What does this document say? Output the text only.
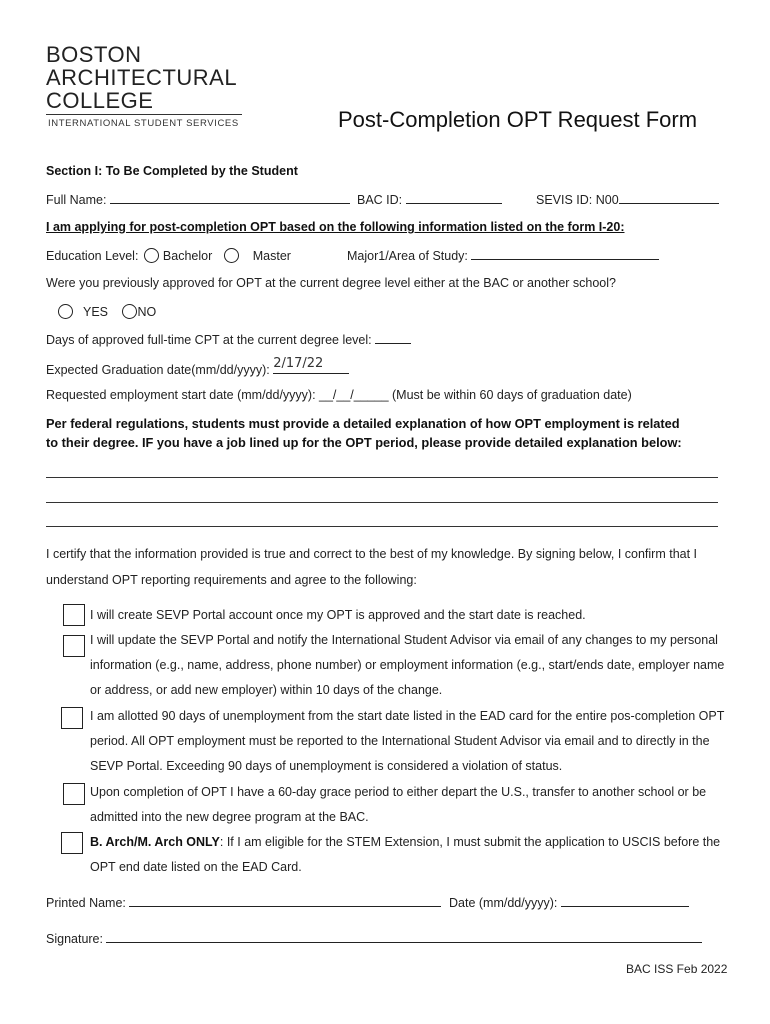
BOSTON
ARCHITECTURAL
COLLEGE
INTERNATIONAL STUDENT SERVICES	Post-Completion OPT Request Form
Section I: To Be Completed by the Student
Full Name:	BAC ID:	SEVIS ID: N00
I am applying for post-completion OPT based on the following information listed on the form I-20:
Education Level: Bachelor	Master	Major1/Area of Study:
Were you previously approved for OPT at the current degree level either at the BAC or another school?
YES NO
Days of approved full-time CPT at the current degree level:
Expected Graduation date(mm/dd/yyyy): 2/17/22
Requested employment start date (mm/dd/yyyy): __/__/_____ (Must be within 60 days of graduation date)
Per federal regulations, students must provide a detailed explanation of how OPT employment is related
to their degree. IF you have a job lined up for the OPT period, please provide detailed explanation below:
I certify that the information provided is true and correct to the best of my knowledge. By signing below, I confirm that I
understand OPT reporting requirements and agree to the following:
I will create SEVP Portal account once my OPT is approved and the start date is reached.
I will update the SEVP Portal and notify the International Student Advisor via email of any changes to my personal information (e.g., name, address, phone number) or employment information (e.g., start/ends date, employer name or address, or add new employer) within 10 days of the change.
I am allotted 90 days of unemployment from the start date listed in the EAD card for the entire pos-completion OPT period. All OPT employment must be reported to the International Student Advisor via email and to directly in the SEVP Portal. Exceeding 90 days of unemployment is considered a violation of status.
Upon completion of OPT I have a 60-day grace period to either depart the U.S., transfer to another school or be admitted into the new degree program at the BAC.
B. Arch/M. Arch ONLY: If I am eligible for the STEM Extension, I must submit the application to USCIS before the OPT end date listed on the EAD Card.
Printed Name:	Date (mm/dd/yyyy):
Signature:
BAC ISS Feb 2022
